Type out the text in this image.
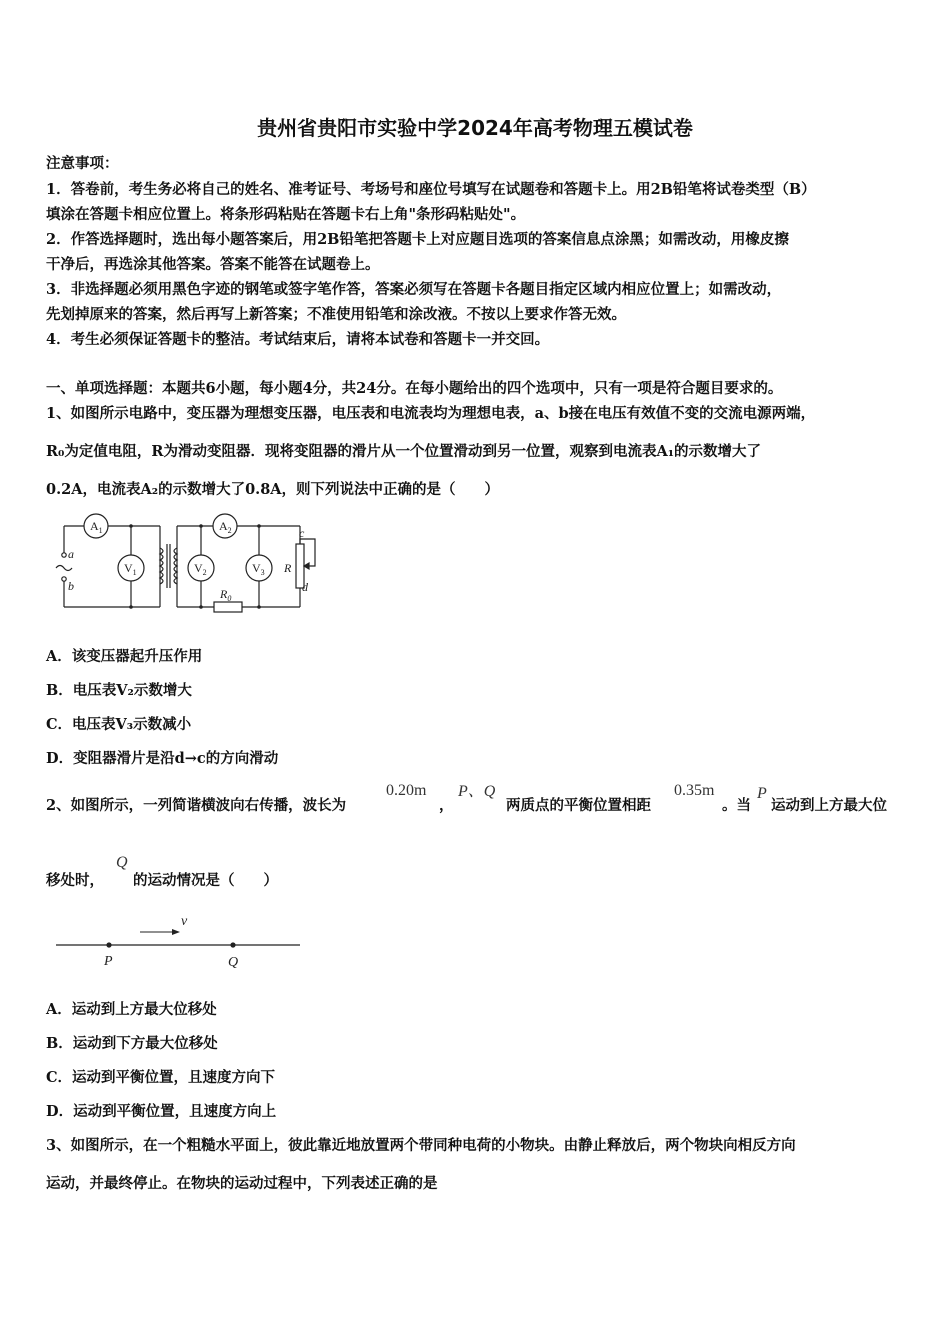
贵州省贵阳市实验中学2024年高考物理五模试卷
注意事项：
1．答卷前，考生务必将自己的姓名、准考证号、考场号和座位号填写在试题卷和答题卡上。用2B铅笔将试卷类型（B）
填涂在答题卡相应位置上。将条形码粘贴在答题卡右上角"条形码粘贴处"。
2．作答选择题时，选出每小题答案后，用2B铅笔把答题卡上对应题目选项的答案信息点涂黑；如需改动，用橡皮擦
干净后，再选涂其他答案。答案不能答在试题卷上。
3．非选择题必须用黑色字迹的钢笔或签字笔作答，答案必须写在答题卡各题目指定区域内相应位置上；如需改动，
先划掉原来的答案，然后再写上新答案；不准使用铅笔和涂改液。不按以上要求作答无效。
4．考生必须保证答题卡的整洁。考试结束后，请将本试卷和答题卡一并交回。
一、单项选择题：本题共6小题，每小题4分，共24分。在每小题给出的四个选项中，只有一项是符合题目要求的。
1、如图所示电路中，变压器为理想变压器，电压表和电流表均为理想电表，a、b接在电压有效值不变的交流电源两端，
R₀为定值电阻，R为滑动变阻器．现将变阻器的滑片从一个位置滑动到另一位置，观察到电流表A₁的示数增大了
0.2A，电流表A₂的示数增大了0.8A，则下列说法中正确的是（　　）
$A_1$
$V_1$
$A_2$
$V_2$	$V_3$
$R_0$
a
b
c
d
R
A．该变压器起升压作用
B．电压表V₂示数增大
C．电压表V₃示数减小
D．变阻器滑片是沿d→c的方向滑动
2、如图所示，一列简谐横波向右传播，波长为
0.20m
，
P、Q
两质点的平衡位置相距
0.35m
。当
P
运动到上方最大位
移处时，
Q
的运动情况是（　　）
v
P	Q
A．运动到上方最大位移处
B．运动到下方最大位移处
C．运动到平衡位置，且速度方向下
D．运动到平衡位置，且速度方向上
3、如图所示，在一个粗糙水平面上，彼此靠近地放置两个带同种电荷的小物块。由静止释放后，两个物块向相反方向
运动，并最终停止。在物块的运动过程中，下列表述正确的是
